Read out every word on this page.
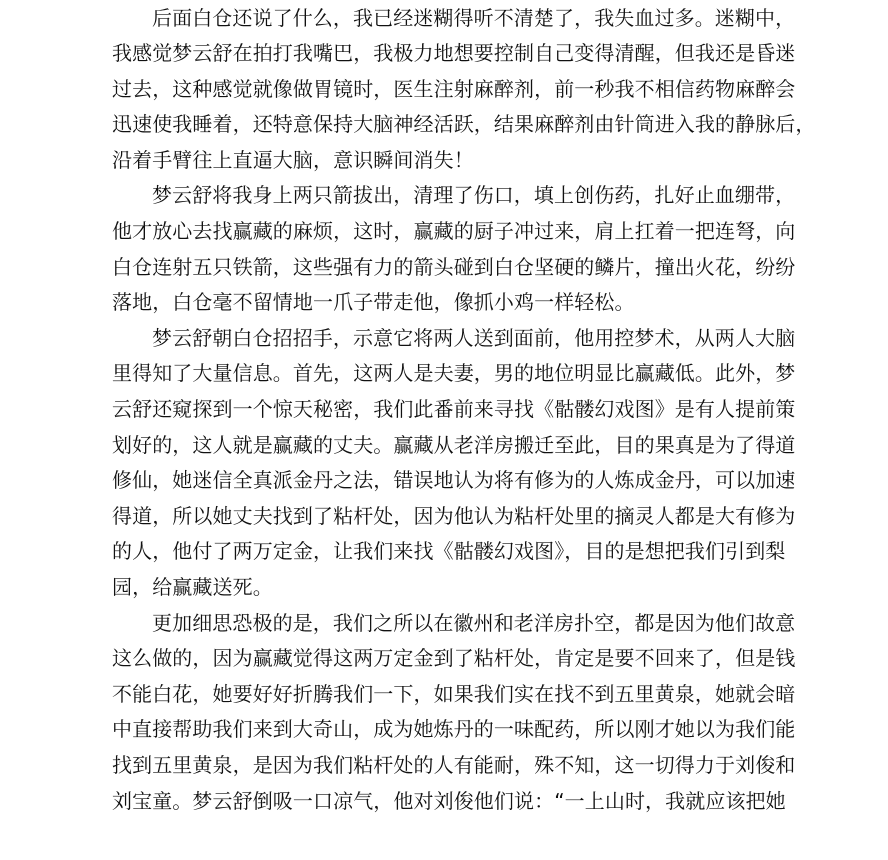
后面白仓还说了什么，我已经迷糊得听不清楚了，我失血过多。迷糊中，
我感觉梦云舒在拍打我嘴巴，我极力地想要控制自己变得清醒，但我还是昏迷
过去，这种感觉就像做胃镜时，医生注射麻醉剂，前一秒我不相信药物麻醉会
迅速使我睡着，还特意保持大脑神经活跃，结果麻醉剂由针筒进入我的静脉后，
沿着手臂往上直逼大脑，意识瞬间消失！
梦云舒将我身上两只箭拔出，清理了伤口，填上创伤药，扎好止血绷带，
他才放心去找赢藏的麻烦，这时，赢藏的厨子冲过来，肩上扛着一把连弩，向
白仓连射五只铁箭，这些强有力的箭头碰到白仓坚硬的鳞片，撞出火花，纷纷
落地，白仓毫不留情地一爪子带走他，像抓小鸡一样轻松。
梦云舒朝白仓招招手，示意它将两人送到面前，他用控梦术，从两人大脑
里得知了大量信息。首先，这两人是夫妻，男的地位明显比赢藏低。此外，梦
云舒还窥探到一个惊天秘密，我们此番前来寻找《骷髅幻戏图》是有人提前策
划好的，这人就是赢藏的丈夫。赢藏从老洋房搬迁至此，目的果真是为了得道
修仙，她迷信全真派金丹之法，错误地认为将有修为的人炼成金丹，可以加速
得道，所以她丈夫找到了粘杆处，因为他认为粘杆处里的摘灵人都是大有修为
的人，他付了两万定金，让我们来找《骷髅幻戏图》，目的是想把我们引到梨
园，给赢藏送死。
更加细思恐极的是，我们之所以在徽州和老洋房扑空，都是因为他们故意
这么做的，因为赢藏觉得这两万定金到了粘杆处，肯定是要不回来了，但是钱
不能白花，她要好好折腾我们一下，如果我们实在找不到五里黄泉，她就会暗
中直接帮助我们来到大奇山，成为她炼丹的一味配药，所以刚才她以为我们能
找到五里黄泉，是因为我们粘杆处的人有能耐，殊不知，这一切得力于刘俊和
刘宝童。梦云舒倒吸一口凉气，他对刘俊他们说：“一上山时，我就应该把她
